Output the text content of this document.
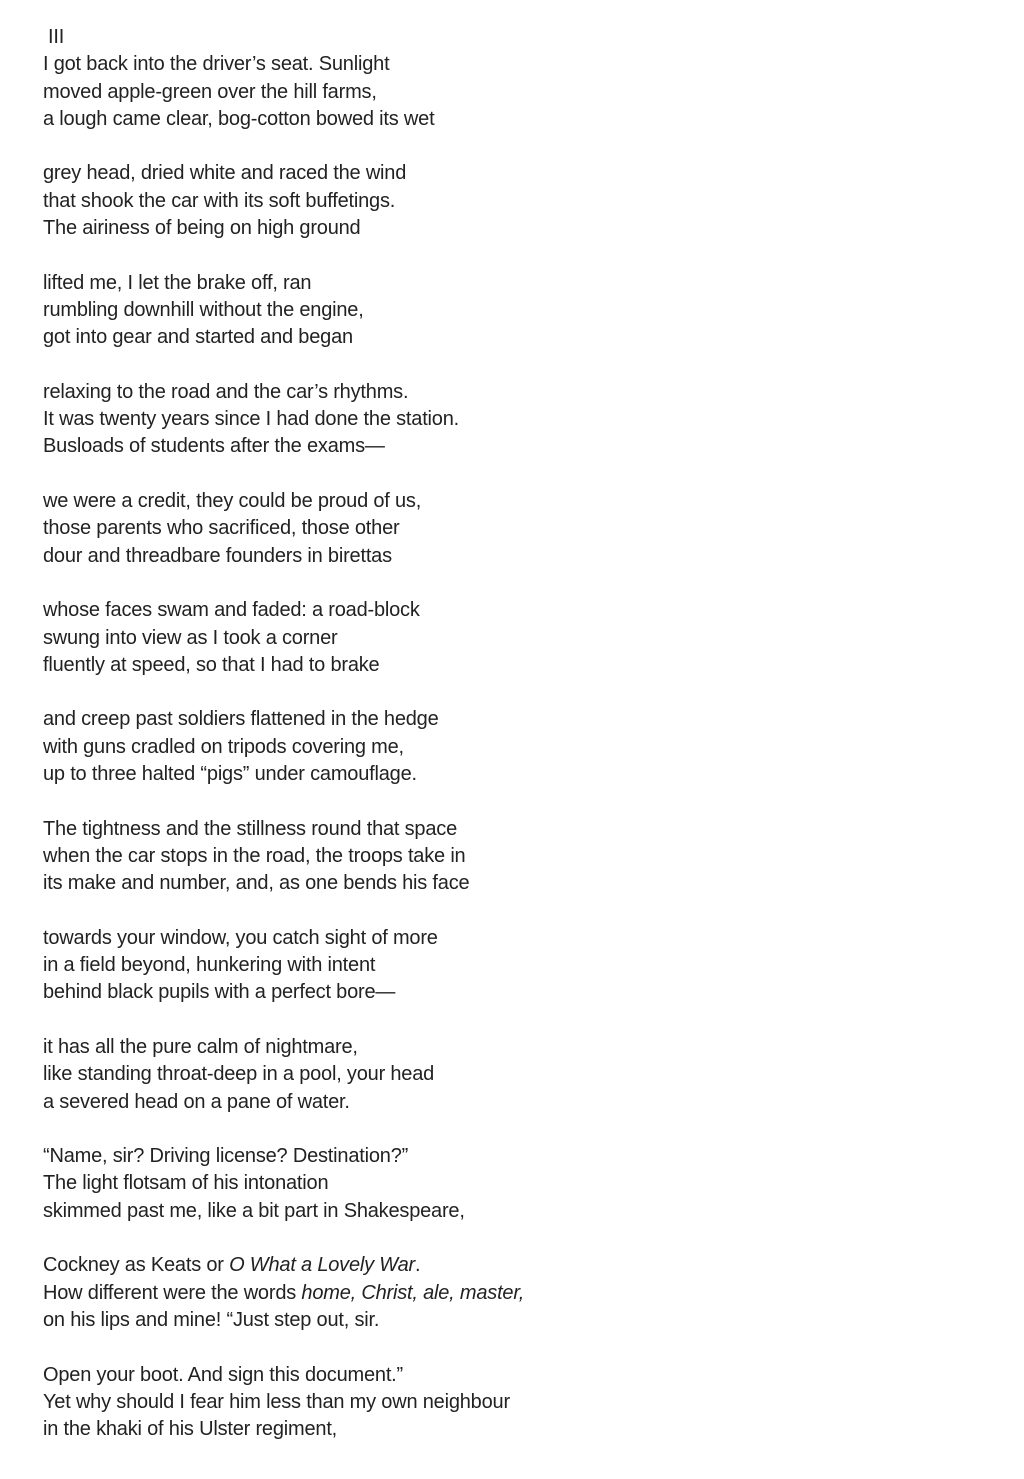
III
I got back into the driver’s seat. Sunlight
moved apple-green over the hill farms,
a lough came clear, bog-cotton bowed its wet
grey head, dried white and raced the wind
that shook the car with its soft buffetings.
The airiness of being on high ground
lifted me, I let the brake off, ran
rumbling downhill without the engine,
got into gear and started and began
relaxing to the road and the car’s rhythms.
It was twenty years since I had done the station.
Busloads of students after the exams—
we were a credit, they could be proud of us,
those parents who sacrificed, those other
dour and threadbare founders in birettas
whose faces swam and faded: a road-block
swung into view as I took a corner
fluently at speed, so that I had to brake
and creep past soldiers flattened in the hedge
with guns cradled on tripods covering me,
up to three halted “pigs” under camouflage.
The tightness and the stillness round that space
when the car stops in the road, the troops take in
its make and number, and, as one bends his face
towards your window, you catch sight of more
in a field beyond, hunkering with intent
behind black pupils with a perfect bore—
it has all the pure calm of nightmare,
like standing throat-deep in a pool, your head
a severed head on a pane of water.
“Name, sir? Driving license? Destination?”
The light flotsam of his intonation
skimmed past me, like a bit part in Shakespeare,
Cockney as Keats or O What a Lovely War.
How different were the words home, Christ, ale, master,
on his lips and mine! “Just step out, sir.
Open your boot. And sign this document.”
Yet why should I fear him less than my own neighbour
in the khaki of his Ulster regiment,
